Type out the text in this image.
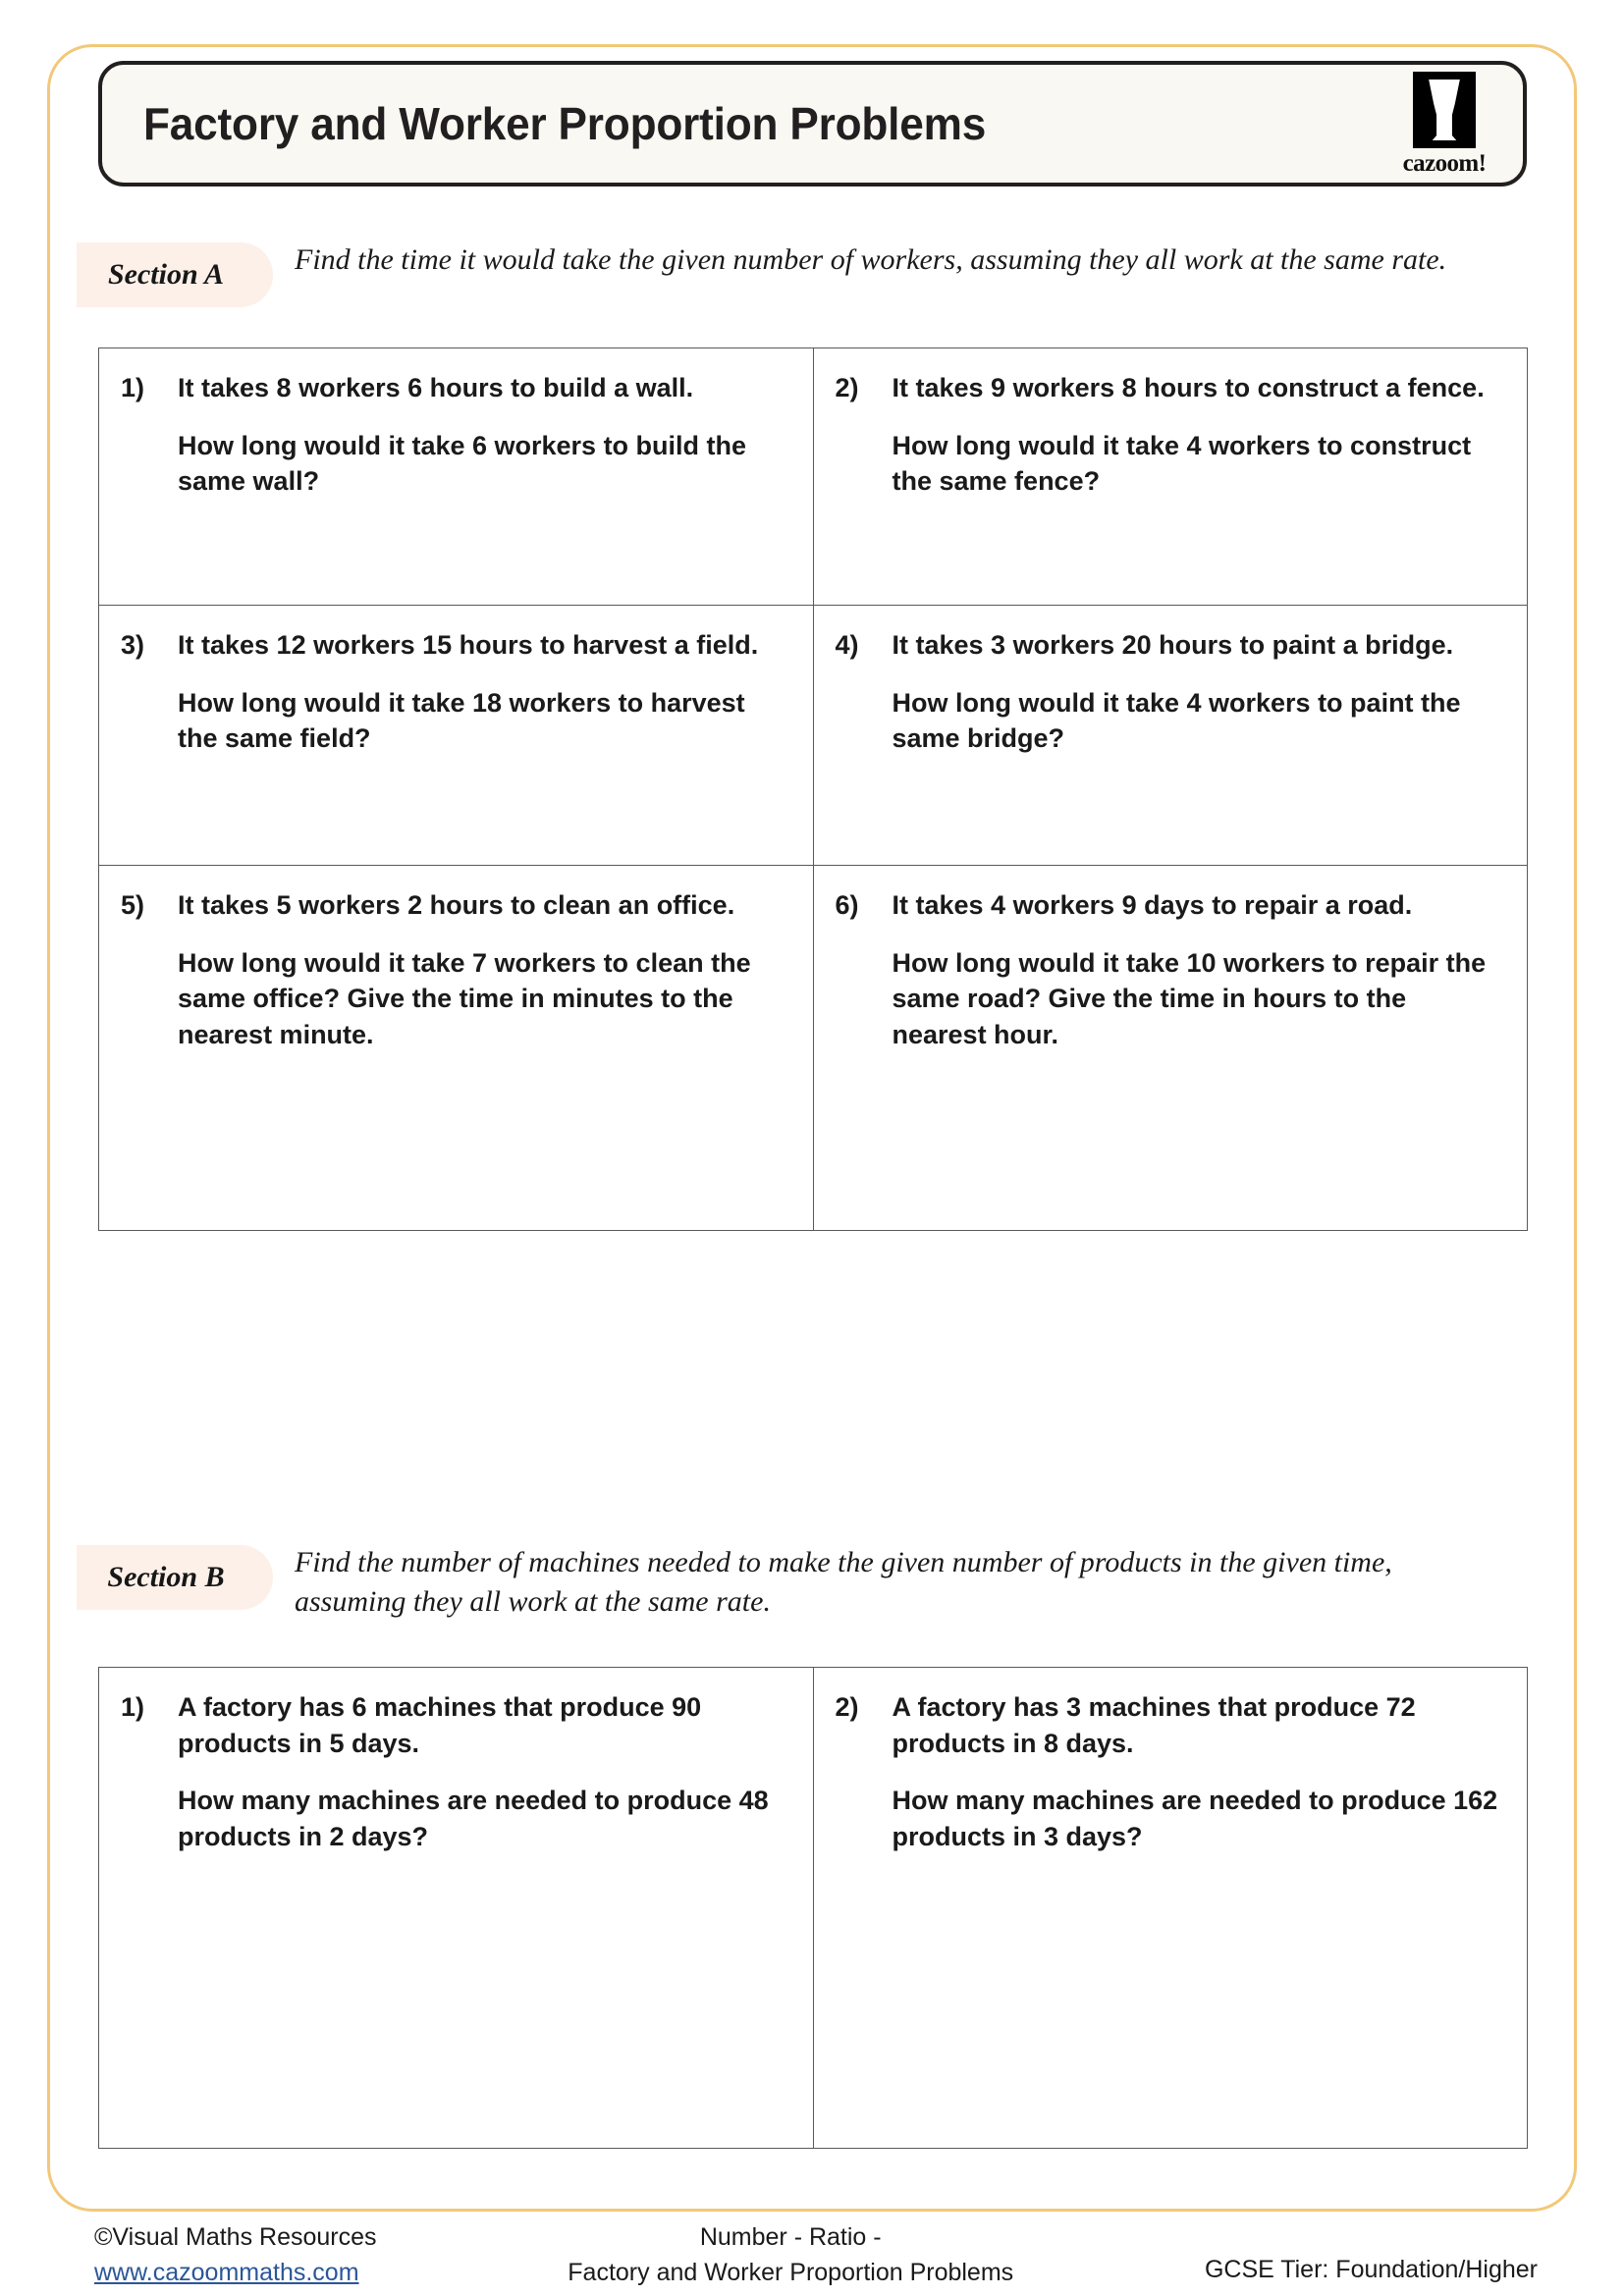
Factory and Worker Proportion Problems
cazoom!
Section A	Find the time it would take the given number of workers, assuming they all work at the same rate.
1)	It takes 8 workers 6 hours to build a wall.
How long would it take 6 workers to build the same wall?

2)	It takes 9 workers 8 hours to construct a fence.
How long would it take 4 workers to construct the same fence?

3)	It takes 12 workers 15 hours to harvest a field.
How long would it take 18 workers to harvest the same field?

4)	It takes 3 workers 20 hours to paint a bridge.
How long would it take 4 workers to paint the same bridge?

5)	It takes 5 workers 2 hours to clean an office.
How long would it take 7 workers to clean the same office? Give the time in minutes to the nearest minute.

6)	It takes 4 workers 9 days to repair a road.
How long would it take 10 workers to repair the same road? Give the time in hours to the nearest hour.
Section B	Find the number of machines needed to make the given number of products in the given time, assuming they all work at the same rate.
1)	A factory has 6 machines that produce 90 products in 5 days.
How many machines are needed to produce 48 products in 2 days?

2)	A factory has 3 machines that produce 72 products in 8 days.
How many machines are needed to produce 162 products in 3 days?
©Visual Maths Resources
www.cazoommaths.com
Number - Ratio -
Factory and Worker Proportion Problems	GCSE Tier: Foundation/Higher
